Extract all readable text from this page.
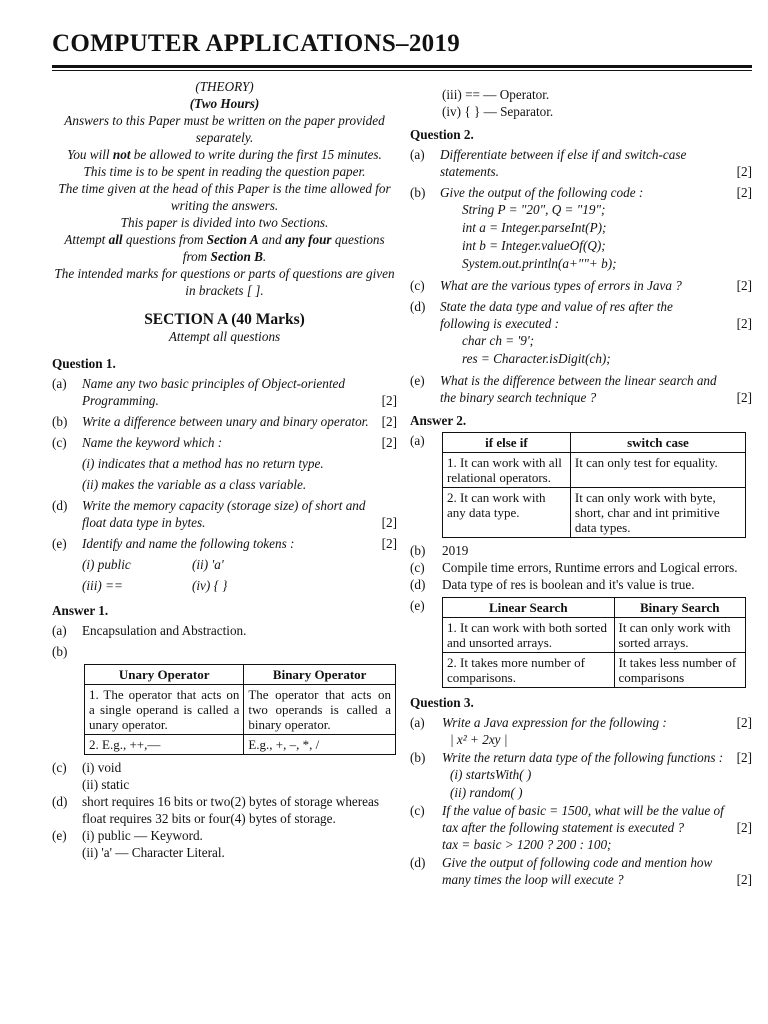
COMPUTER APPLICATIONS–2019
(THEORY)
(Two Hours)
Answers to this Paper must be written on the paper provided separately.
You will not be allowed to write during the first 15 minutes.
This time is to be spent in reading the question paper.
The time given at the head of this Paper is the time allowed for writing the answers.
This paper is divided into two Sections.
Attempt all questions from Section A and any four questions from Section B.
The intended marks for questions or parts of questions are given in brackets [ ].
SECTION A (40 Marks)
Attempt all questions
Question 1.
(a)	Name any two basic principles of Object-oriented Programming.	[2]
(b)	Write a difference between unary and binary operator. [2]
(c)	Name the keyword which :	[2]
(i) indicates that a method has no return type.
(ii) makes the variable as a class variable.
(d)	Write the memory capacity (storage size) of short and float data type in bytes.	[2]
(e)	Identify and name the following tokens :	[2]
(i) public	(ii) 'a'
(iii) ==	(iv) { }
Answer 1.
(a)	Encapsulation and Abstraction.
(b)
Unary Operator	Binary Operator
1. The operator that acts on a single operand is called a unary operator.	The operator that acts on two operands is called a binary operator.
2. E.g., ++,––	E.g., +, –, *, /
(c)	(i) void
(ii) static
(d)	short requires 16 bits or two(2) bytes of storage whereas float requires 32 bits or four(4) bytes of storage.
(e)	(i) public — Keyword.
(ii) 'a' — Character Literal.
(iii) == — Operator.
(iv) { } — Separator.
Question 2.
(a)	Differentiate between if else if and switch-case statements.	[2]
(b)	Give the output of the following code :	[2]
String P = "20", Q = "19";
int a = Integer.parseInt(P);
int b = Integer.valueOf(Q);
System.out.println(a+""+ b);
(c)	What are the various types of errors in Java ?	[2]
(d)	State the data type and value of res after the following is executed :	[2]
char ch = '9';
res = Character.isDigit(ch);
(e)	What is the difference between the linear search and the binary search technique ?	[2]
Answer 2.
(a)	if else if	switch case
1. It can work with all relational operators.	It can only test for equality.
2. It can work with any data type.	It can only work with byte, short, char and int primitive data types.
(b)	2019
(c)	Compile time errors, Runtime errors and Logical errors.
(d)	Data type of res is boolean and it's value is true.
(e)	Linear Search	Binary Search
1. It can work with both sorted and unsorted arrays.	It can only work with sorted arrays.
2. It takes more number of comparisons.	It takes less number of comparisons
Question 3.
(a)	Write a Java expression for the following :	[2]
| x² + 2xy |
(b)	Write the return data type of the following functions :	[2]
(i) startsWith( )
(ii) random( )
(c)	If the value of basic = 1500, what will be the value of tax after the following statement is executed ?	[2]
tax = basic > 1200 ? 200 : 100;
(d)	Give the output of following code and mention how many times the loop will execute ?	[2]
